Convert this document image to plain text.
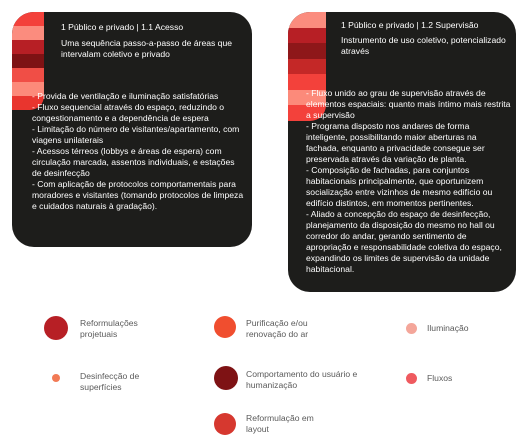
1 Público e privado | 1.1 Acesso
Uma sequência passo-a-passo de áreas que intervalam coletivo e privado
- Provida de ventilação e iluminação satisfatórias
- Fluxo sequencial através do espaço, reduzindo o congestionamento e a dependência de espera
- Limitação do número de visitantes/apartamento, com viagens unilaterais
- Acessos térreos (lobbys e áreas de espera) com circulação marcada, assentos individuais, e estações de desinfecção
- Com aplicação de protocolos comportamentais para moradores e visitantes (tomando protocolos de limpeza e cuidados naturais à gradação).
1 Público e privado | 1.2 Supervisão
Instrumento de uso coletivo, potencializado através
- Fluxo unido ao grau de supervisão através de elementos espaciais: quanto mais íntimo mais restrita a supervisão
- Programa disposto nos andares de forma inteligente, possibilitando maior aberturas na fachada, enquanto a privacidade consegue ser preservada através da variação de planta.
- Composição de fachadas, para conjuntos habitacionais principalmente, que oportunizem socialização entre vizinhos de mesmo edifício ou edifício distintos, em momentos pertinentes.
- Aliado a concepção do espaço de desinfecção, planejamento da disposição do mesmo no hall ou corredor do andar, gerando sentimento de apropriação e responsabilidade coletiva do espaço, expandindo os limites de supervisão da unidade habitacional.
Reformulações projetuais
Purificação e/ou renovação do ar
Iluminação
Desinfecção de superfícies
Comportamento do usuário e humanização
Fluxos
Reformulação em layout
